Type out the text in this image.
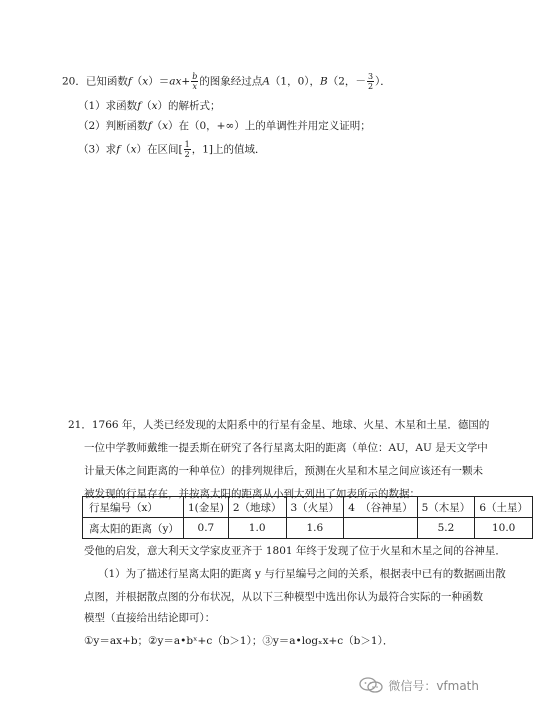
20．已知函数$f(x)=ax+ \frac{b}{x}$ 的图象经过点A（1，0），B（2，－ $\frac{3}{2}$ ）．
（1）求函数f（x）的解析式；
（2）判断函数f（x）在（0，+∞）上的单调性并用定义证明；
（3）求f（x）在区间[ $\frac{1}{2}$ ，1]上的值域．
21．1766 年，人类已经发现的太阳系中的行星有金星、地球、火星、木星和土星．德国的
一位中学教师戴维一提丢斯在研究了各行星离太阳的距离（单位：AU，AU 是天文学中
计量天体之间距离的一种单位）的排列规律后，预测在火星和木星之间应该还有一颗未
被发现的行星存在，并按离太阳的距离从小到大列出了如表所示的数据：
行星编号（x）	1(金星)	2（地球）	3（火星）	4　（谷神星）	5（木星）	6（土星）
离太阳的距离（y）	0.7	1.0	1.6		5.2	10.0
受他的启发，意大利天文学家皮亚齐于 1801 年终于发现了位于火星和木星之间的谷神星．
（1）为了描述行星离太阳的距离 y 与行星编号之间的关系，根据表中已有的数据画出散
点图，并根据散点图的分布状况，从以下三种模型中选出你认为最符合实际的一种函数
模型（直接给出结论即可）：
①y＝ax+b；②y＝a•bˣ+c（b＞1）；③y＝a•logₓx+c（b＞1）．
微信号：vfmath
